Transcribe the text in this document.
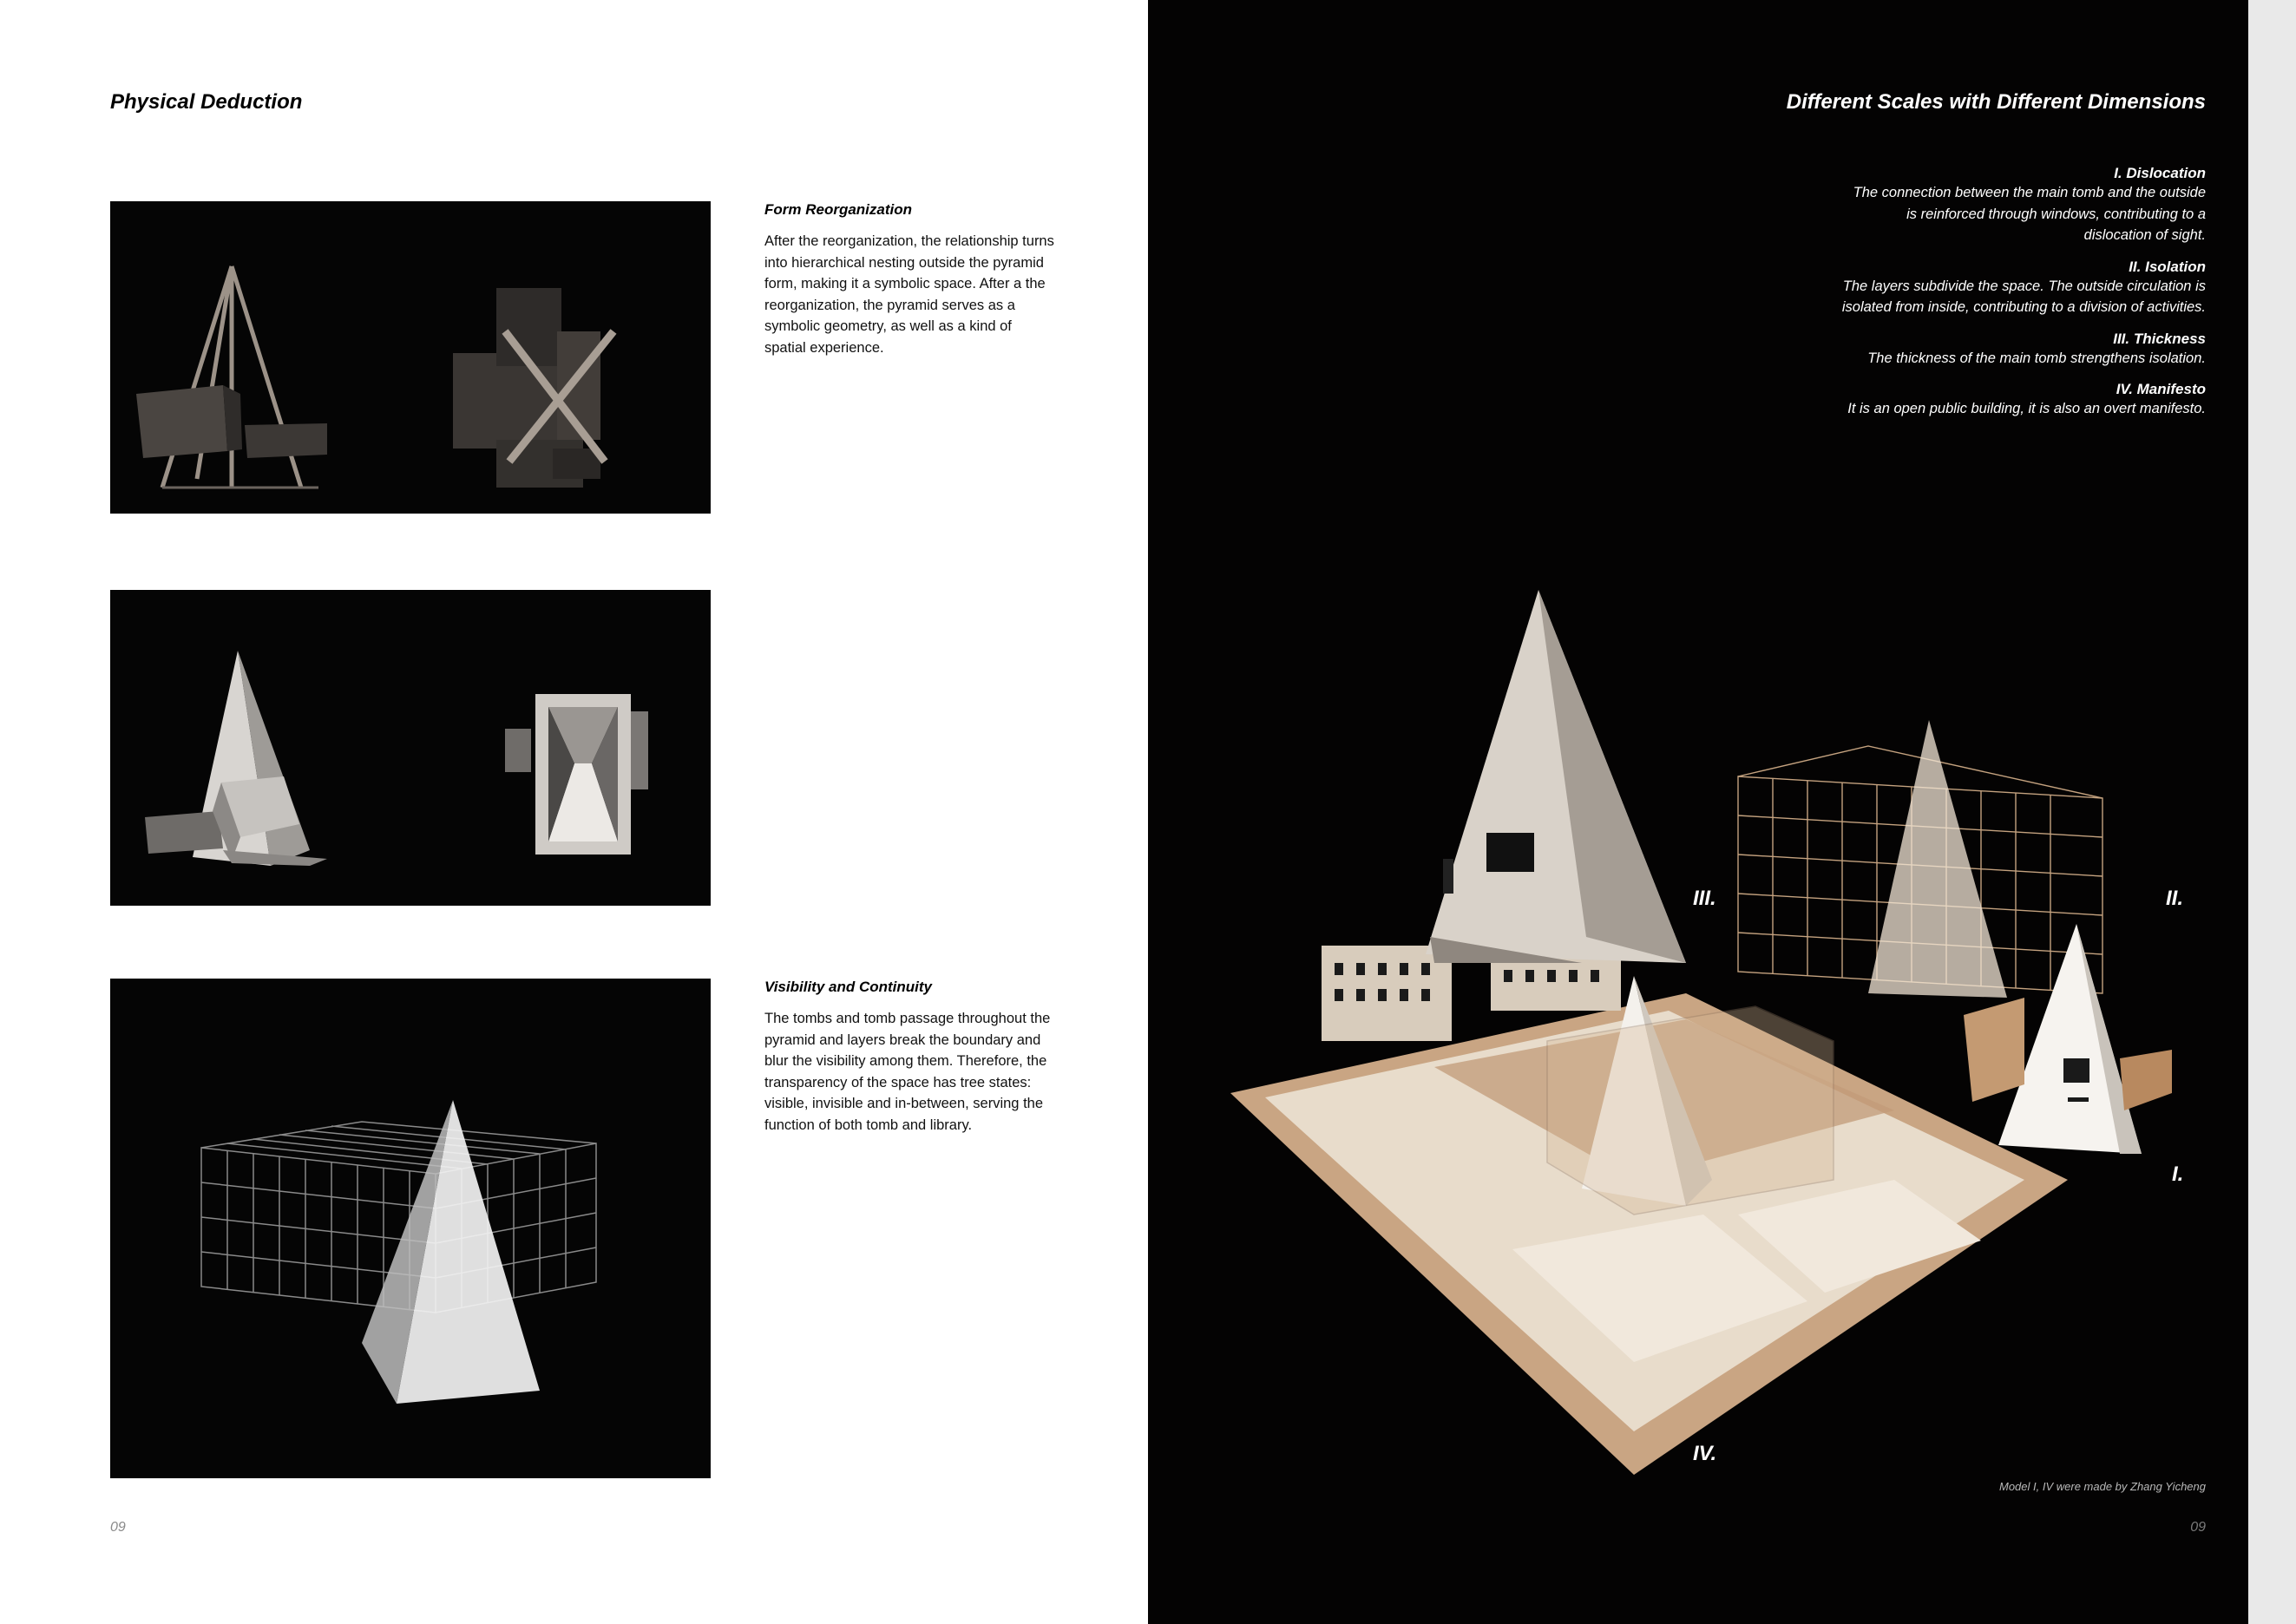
Physical Deduction
Form Reorganization

After the reorganization, the relationship turns into hierarchical nesting outside the pyramid form, making it a symbolic space. After a the reorganization, the pyramid serves as a symbolic geometry, as well as a kind of spatial experience.

Visibility and Continuity

The tombs and tomb passage throughout the pyramid and layers break the boundary and blur the visibility among them. Therefore, the transparency of the space has tree states: visible, invisible and in-between, serving the function of both tomb and library.

09
Different Scales with Different Dimensions
I. Dislocation

The connection between the main tomb and the outside is reinforced through windows, contributing to a dislocation of sight.

II. Isolation

The layers subdivide the space. The outside circulation is isolated from inside, contributing to a division of activities.

III. Thickness

The thickness of the main tomb strengthens isolation.

IV. Manifesto

It is an open public building, it is also an overt manifesto.

III.	II.
I.
IV.
Model I, IV were made by Zhang Yicheng
09
